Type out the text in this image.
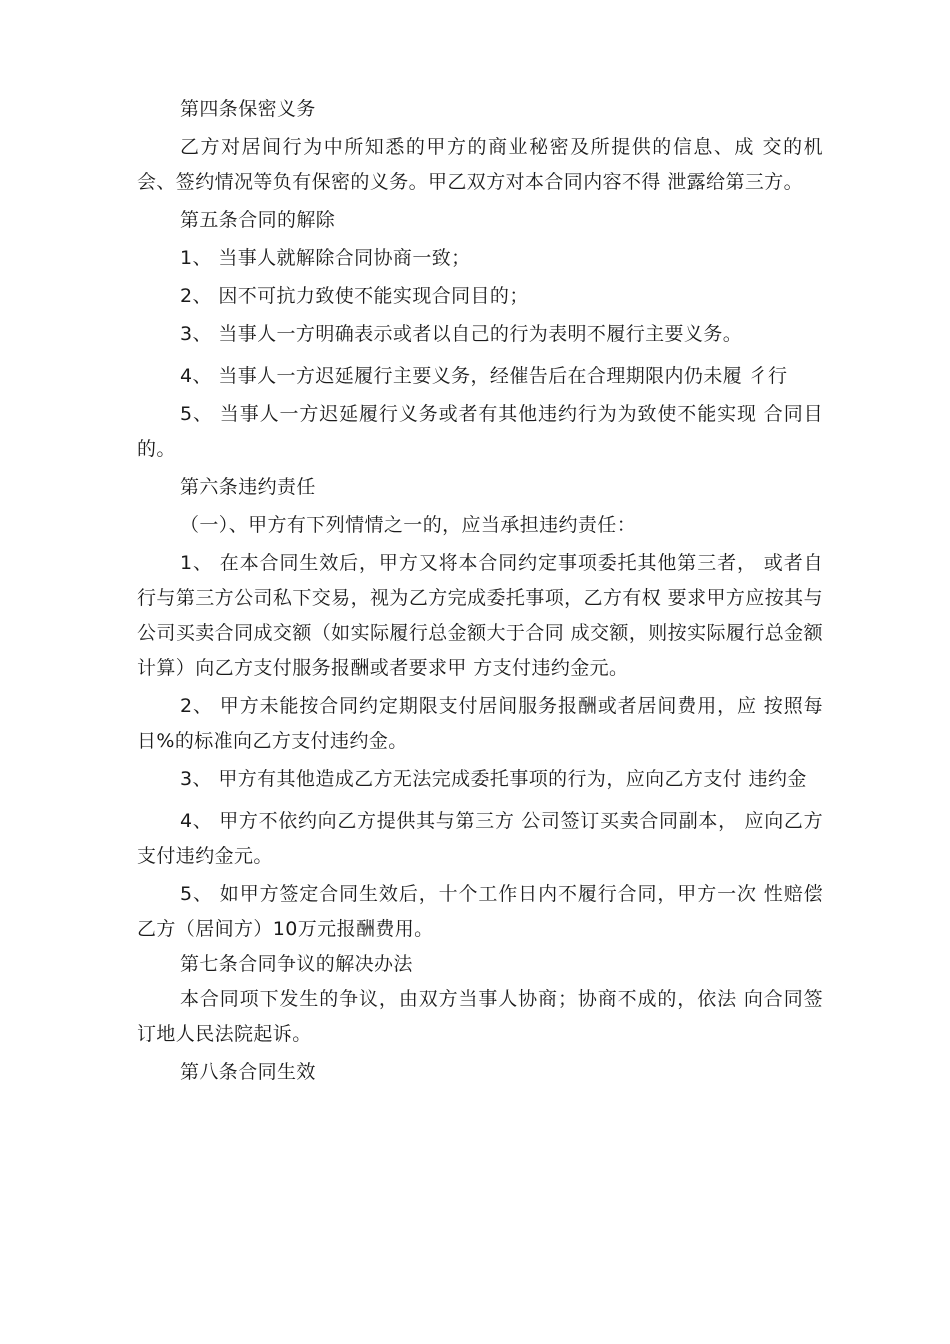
第四条保密义务

乙方对居间行为中所知悉的甲方的商业秘密及所提供的信息、成 交的机会、签约情况等负有保密的义务。甲乙双方对本合同内容不得 泄露给第三方。

第五条合同的解除

1、 当事人就解除合同协商一致；

2、 因不可抗力致使不能实现合同目的；

3、 当事人一方明确表示或者以自己的行为表明不履行主要义务。

4、 当事人一方迟延履行主要义务，经催告后在合理期限内仍未履 彳行

5、 当事人一方迟延履行义务或者有其他违约行为为致使不能实现 合同目的。

第六条违约责任

（一）、甲方有下列情情之一的，应当承担违约责任：

1、 在本合同生效后，甲方又将本合同约定事项委托其他第三者， 或者自行与第三方公司私下交易，视为乙方完成委托事项，乙方有权 要求甲方应按其与公司买卖合同成交额（如实际履行总金额大于合同 成交额，则按实际履行总金额计算）向乙方支付服务报酬或者要求甲 方支付违约金元。

2、 甲方未能按合同约定期限支付居间服务报酬或者居间费用，应 按照每日%的标准向乙方支付违约金。

3、 甲方有其他造成乙方无法完成委托事项的行为，应向乙方支付 违约金

4、 甲方不依约向乙方提供其与第三方 公司签订买卖合同副本， 应向乙方支付违约金元。

5、 如甲方签定合同生效后，十个工作日内不履行合同，甲方一次 性赔偿乙方（居间方）10万元报酬费用。

第七条合同争议的解决办法

本合同项下发生的争议，由双方当事人协商；协商不成的，依法 向合同签订地人民法院起诉。

第八条合同生效
